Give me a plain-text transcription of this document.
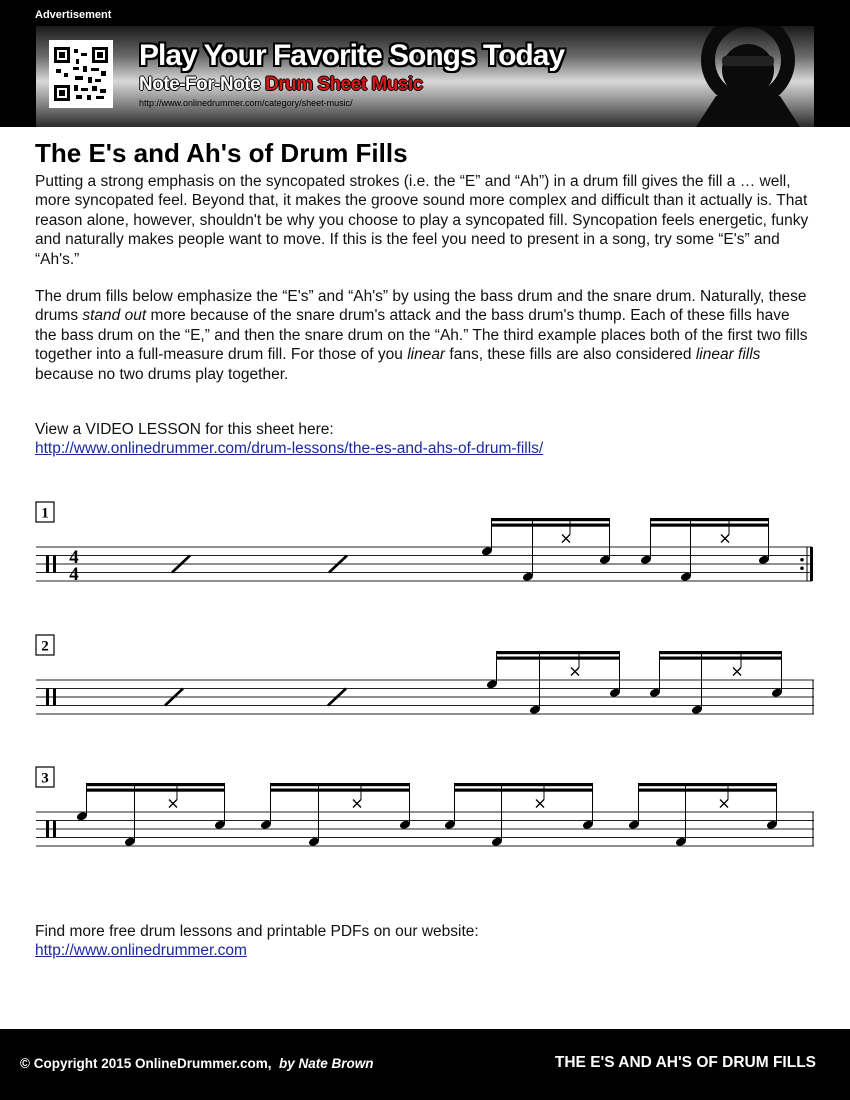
Advertisement
Play Your Favorite Songs Today
Note-For-Note Drum Sheet Music
http://www.onlinedrummer.com/category/sheet-music/
The E's and Ah's of Drum Fills

Putting a strong emphasis on the syncopated strokes (i.e. the “E” and “Ah”) in a drum fill gives the fill a … well, more syncopated feel. Beyond that, it makes the groove sound more complex and difficult than it actually is. That reason alone, however, shouldn't be why you choose to play a syncopated fill. Syncopation feels energetic, funky and naturally makes people want to move. If this is the feel you need to present in a song, try some “E's” and “Ah's.”

The drum fills below emphasize the “E's” and “Ah's” by using the bass drum and the snare drum. Naturally, these drums stand out more because of the snare drum's attack and the bass drum's thump. Each of these fills have the bass drum on the “E,” and then the snare drum on the “Ah.” The third example places both of the first two fills together into a full-measure drum fill. For those of you linear fans, these fills are also considered linear fills because no two drums play together.

View a VIDEO LESSON for this sheet here:
http://www.onlinedrummer.com/drum-lessons/the-es-and-ahs-of-drum-fills/
1
4
4
2
3
Find more free drum lessons and printable PDFs on our website:
http://www.onlinedrummer.com
© Copyright 2015 OnlineDrummer.com, by Nate Brown	THE E'S AND AH'S OF DRUM FILLS
